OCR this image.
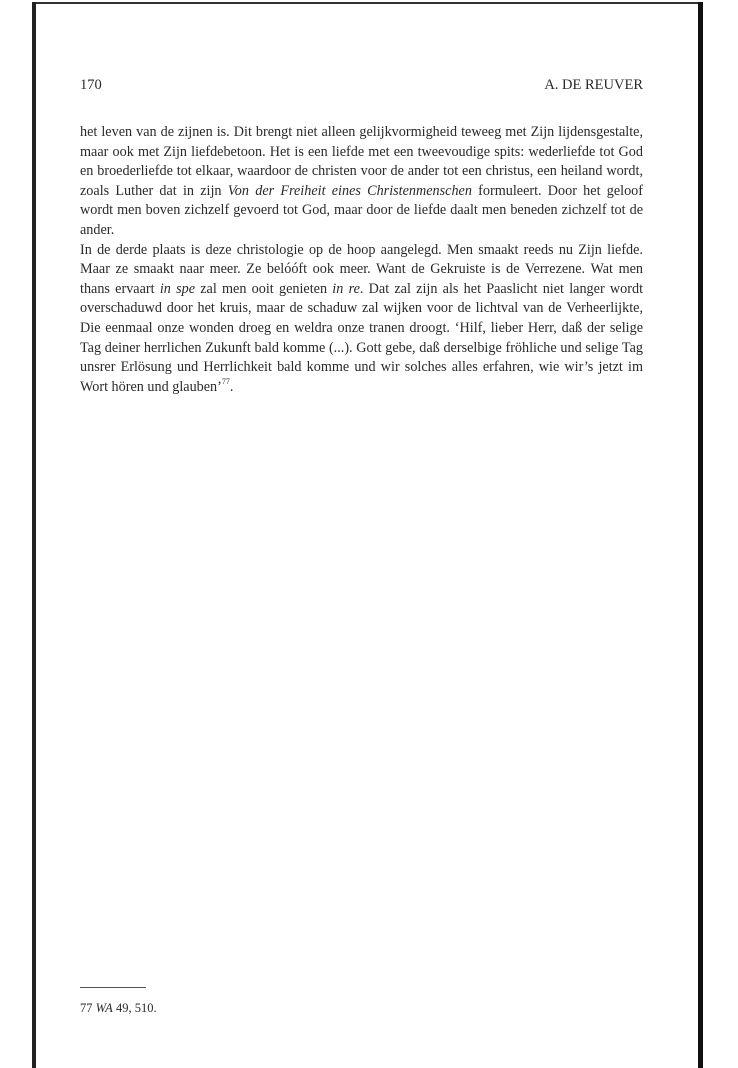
170	A. DE REUVER

het leven van de zijnen is. Dit brengt niet alleen gelijkvormigheid teweeg met Zijn lijdensgestalte, maar ook met Zijn liefdebetoon. Het is een liefde met een tweevoudige spits: wederliefde tot God en broederliefde tot elkaar, waardoor de christen voor de ander tot een christus, een heiland wordt, zoals Luther dat in zijn Von der Freiheit eines Christenmenschen formuleert. Door het geloof wordt men boven zichzelf gevoerd tot God, maar door de liefde daalt men beneden zichzelf tot de ander.

In de derde plaats is deze christologie op de hoop aangelegd. Men smaakt reeds nu Zijn liefde. Maar ze smaakt naar meer. Ze belóóft ook meer. Want de Gekruiste is de Verrezene. Wat men thans ervaart in spe zal men ooit genieten in re. Dat zal zijn als het Paaslicht niet langer wordt overschaduwd door het kruis, maar de schaduw zal wijken voor de lichtval van de Verheerlijkte, Die eenmaal onze wonden droeg en weldra onze tranen droogt. ‘Hilf, lieber Herr, daß der selige Tag deiner herrlichen Zukunft bald komme (...). Gott gebe, daß derselbige fröhliche und selige Tag unsrer Erlösung und Herrlichkeit bald komme und wir solches alles erfahren, wie wir’s jetzt im Wort hören und glauben’$^{77}$.

77 WA 49, 510.
